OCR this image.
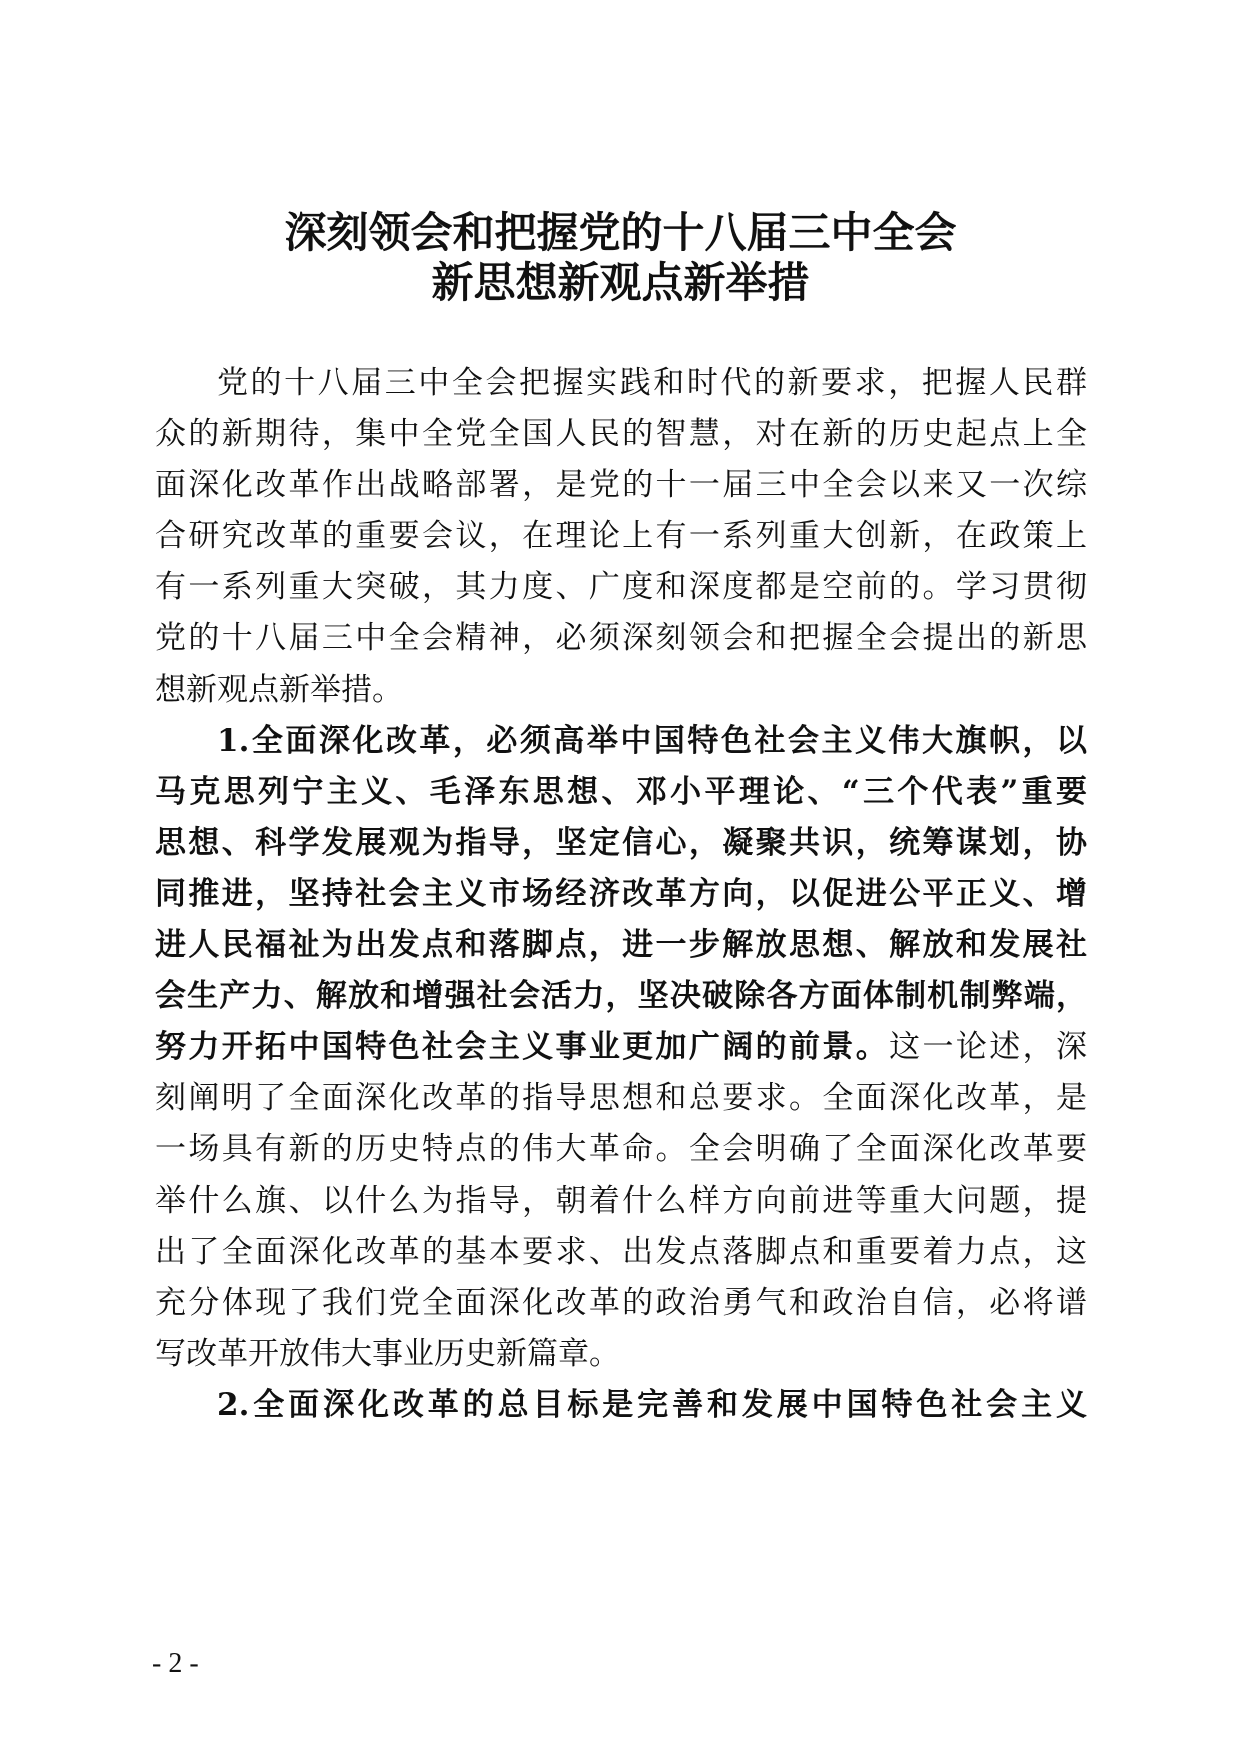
深刻领会和把握党的十八届三中全会
新思想新观点新举措
党的十八届三中全会把握实践和时代的新要求，把握人民群
众的新期待，集中全党全国人民的智慧，对在新的历史起点上全
面深化改革作出战略部署，是党的十一届三中全会以来又一次综
合研究改革的重要会议，在理论上有一系列重大创新，在政策上
有一系列重大突破，其力度、广度和深度都是空前的。学习贯彻
党的十八届三中全会精神，必须深刻领会和把握全会提出的新思
想新观点新举措。
1.全面深化改革，必须高举中国特色社会主义伟大旗帜，以
马克思列宁主义、毛泽东思想、邓小平理论、“三个代表”重要
思想、科学发展观为指导，坚定信心，凝聚共识，统筹谋划，协
同推进，坚持社会主义市场经济改革方向，以促进公平正义、增
进人民福祉为出发点和落脚点，进一步解放思想、解放和发展社
会生产力、解放和增强社会活力，坚决破除各方面体制机制弊端，
努力开拓中国特色社会主义事业更加广阔的前景。这一论述，深
刻阐明了全面深化改革的指导思想和总要求。全面深化改革，是
一场具有新的历史特点的伟大革命。全会明确了全面深化改革要
举什么旗、以什么为指导，朝着什么样方向前进等重大问题，提
出了全面深化改革的基本要求、出发点落脚点和重要着力点，这
充分体现了我们党全面深化改革的政治勇气和政治自信，必将谱
写改革开放伟大事业历史新篇章。
2.全面深化改革的总目标是完善和发展中国特色社会主义
- 2 -
